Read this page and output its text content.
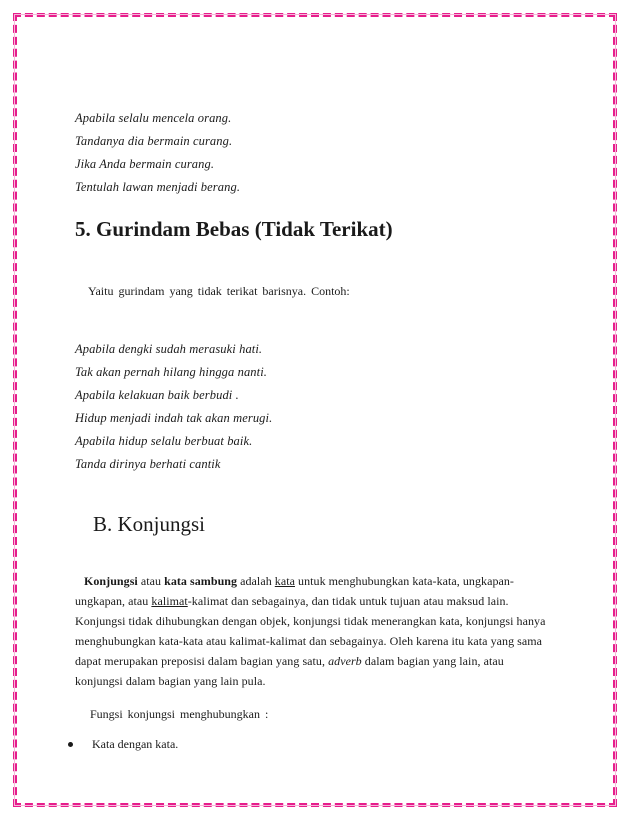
Apabila selalu mencela orang.
Tandanya dia bermain curang.
Jika Anda bermain curang.
Tentulah lawan menjadi berang.
5. Gurindam Bebas (Tidak Terikat)
Yaitu gurindam yang tidak terikat barisnya. Contoh:
Apabila dengki sudah merasuki hati.
Tak akan pernah hilang hingga nanti.
Apabila kelakuan baik berbudi .
Hidup menjadi indah tak akan merugi.
Apabila hidup selalu berbuat baik.
Tanda dirinya berhati cantik
B. Konjungsi
Konjungsi atau kata sambung adalah kata untuk menghubungkan kata-kata, ungkapan-
ungkapan, atau kalimat-kalimat dan sebagainya, dan tidak untuk tujuan atau maksud lain.
Konjungsi tidak dihubungkan dengan objek, konjungsi tidak menerangkan kata, konjungsi hanya
menghubungkan kata-kata atau kalimat-kalimat dan sebagainya. Oleh karena itu kata yang sama
dapat merupakan preposisi dalam bagian yang satu, adverb dalam bagian yang lain, atau
konjungsi dalam bagian yang lain pula.
Fungsi konjungsi menghubungkan :
Kata dengan kata.
